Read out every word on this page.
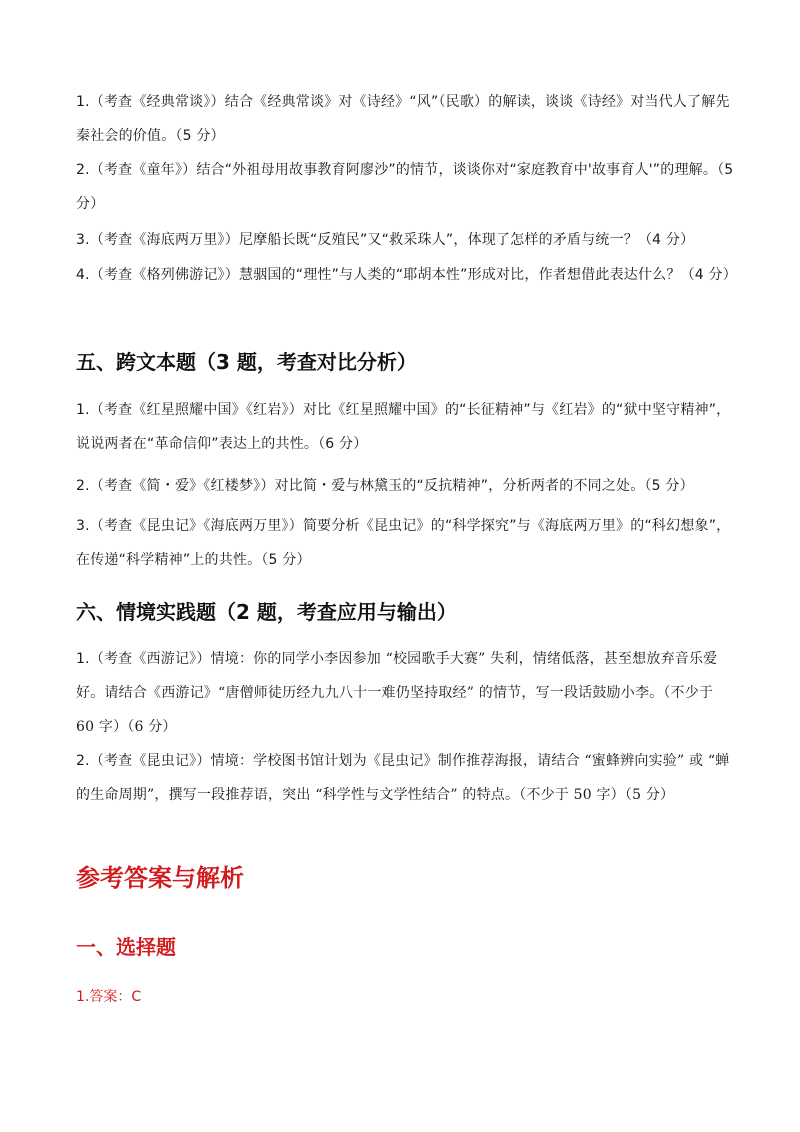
1.（考查《经典常谈》）结合《经典常谈》对《诗经》“风”（民歌）的解读，谈谈《诗经》对当代人了解先秦社会的价值。（5 分）

2.（考查《童年》）结合“外祖母用故事教育阿廖沙”的情节，谈谈你对“家庭教育中'故事育人'”的理解。（5 分）

3.（考查《海底两万里》）尼摩船长既“反殖民”又“救采珠人”，体现了怎样的矛盾与统一？（4 分）

4.（考查《格列佛游记》）慧骃国的“理性”与人类的“耶胡本性”形成对比，作者想借此表达什么？（4 分）

五、跨文本题（3 题，考查对比分析）

1.（考查《红星照耀中国》《红岩》）对比《红星照耀中国》的“长征精神”与《红岩》的“狱中坚守精神”，说说两者在“革命信仰”表达上的共性。（6 分）

2.（考查《简・爱》《红楼梦》）对比简・爱与林黛玉的“反抗精神”，分析两者的不同之处。（5 分）

3.（考查《昆虫记》《海底两万里》）简要分析《昆虫记》的“科学探究”与《海底两万里》的“科幻想象”，在传递“科学精神”上的共性。（5 分）

六、情境实践题（2 题，考查应用与输出）

1.（考查《西游记》）情境：你的同学小李因参加 “校园歌手大赛” 失利，情绪低落，甚至想放弃音乐爱好。请结合《西游记》“唐僧师徒历经九九八十一难仍坚持取经” 的情节，写一段话鼓励小李。（不少于 60 字）（6 分）

2.（考查《昆虫记》）情境：学校图书馆计划为《昆虫记》制作推荐海报，请结合 “蜜蜂辨向实验” 或 “蝉的生命周期”，撰写一段推荐语，突出 “科学性与文学性结合” 的特点。（不少于 50 字）（5 分）

参考答案与解析
一、选择题

1.答案：C
